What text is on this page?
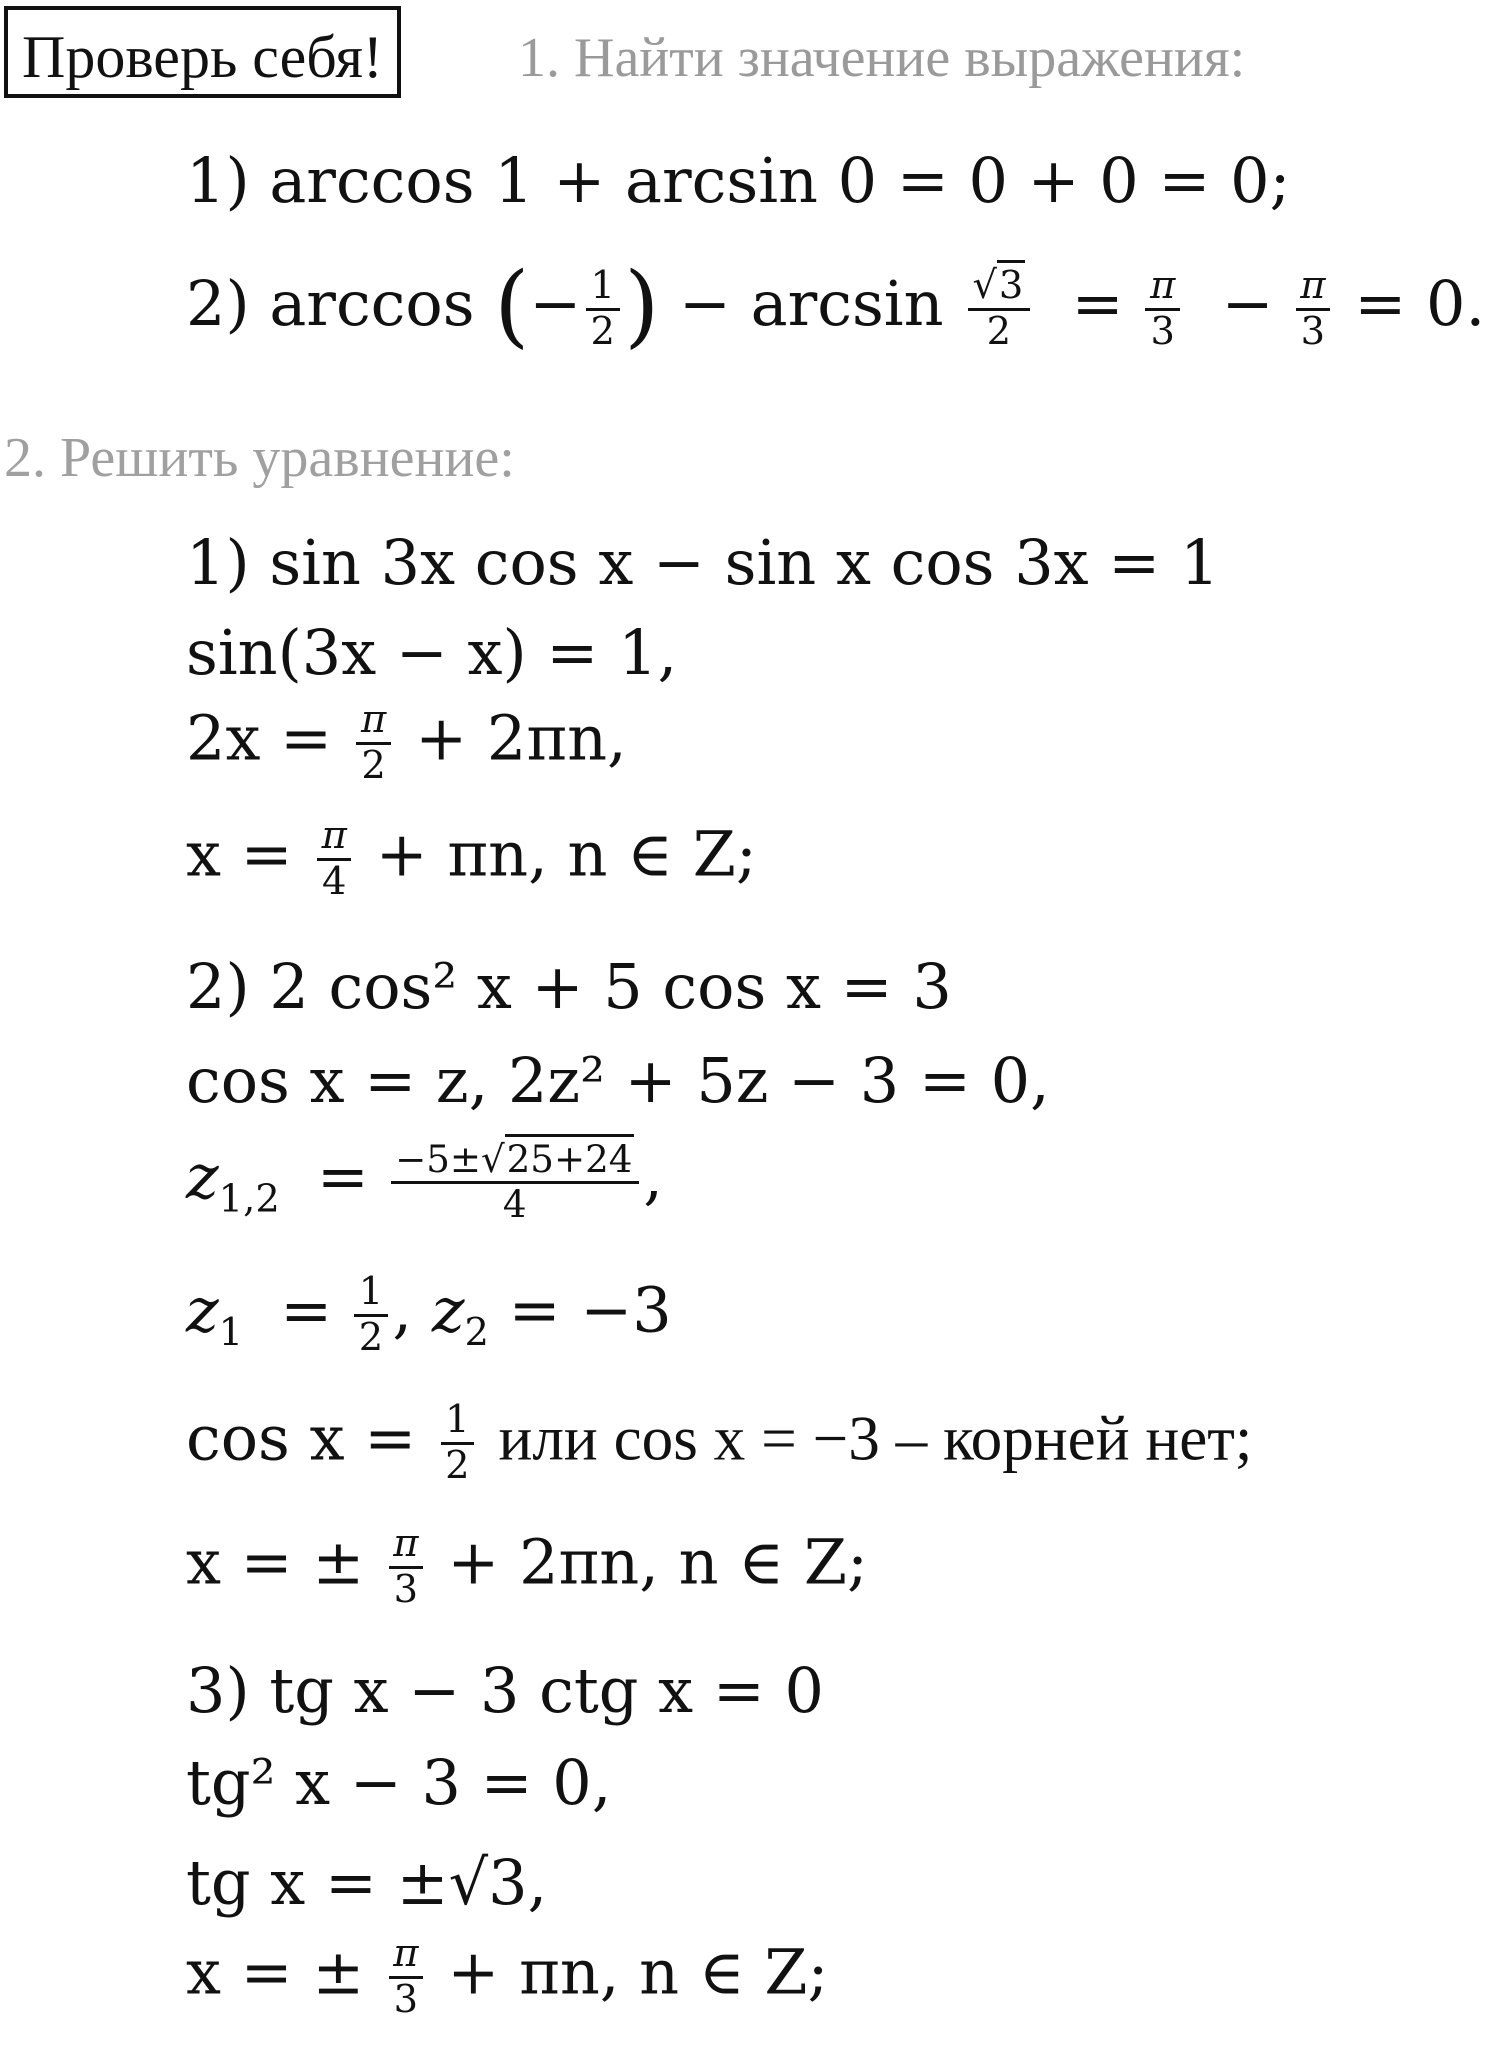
Проверь себя!	1. Найти значение выражения:
1) arccos 1 + arcsin 0 = 0 + 0 = 0;
2) arccos (− $\frac{1}{2}$ ) − $\arcsin \frac{√3}{2} = \frac{\pi}{3} - \frac{\pi}{3} = 0$.
2. Решить уравнение:
1) sin 3x cos x − sin x cos 3x = 1
sin(3x − x) = 1,
$2x = \frac{\pi}{2} + 2\pi n$,
$x = \frac{\pi}{4} + \pi n$, n ∈ Z;
2) 2 cos² x + 5 cos x = 3
cos x = z, 2z² + 5z − 3 = 0,
$z_{1,2} = \frac{-5\pm√25+24}{4}$ ,
$z_1 = \frac{1}{2}$ , $z_2 = -3$
$\cos x = \frac{1}{2}$ или cos x = −3 – корней нет;
x = ± $\frac{\pi}{3} + 2\pi n$, n ∈ Z;
3) tg x − 3 ctg x = 0
tg² x − 3 = 0,
tg x = ±√3,
x = ± $\frac{\pi}{3} + \pi n$, n ∈ Z;
